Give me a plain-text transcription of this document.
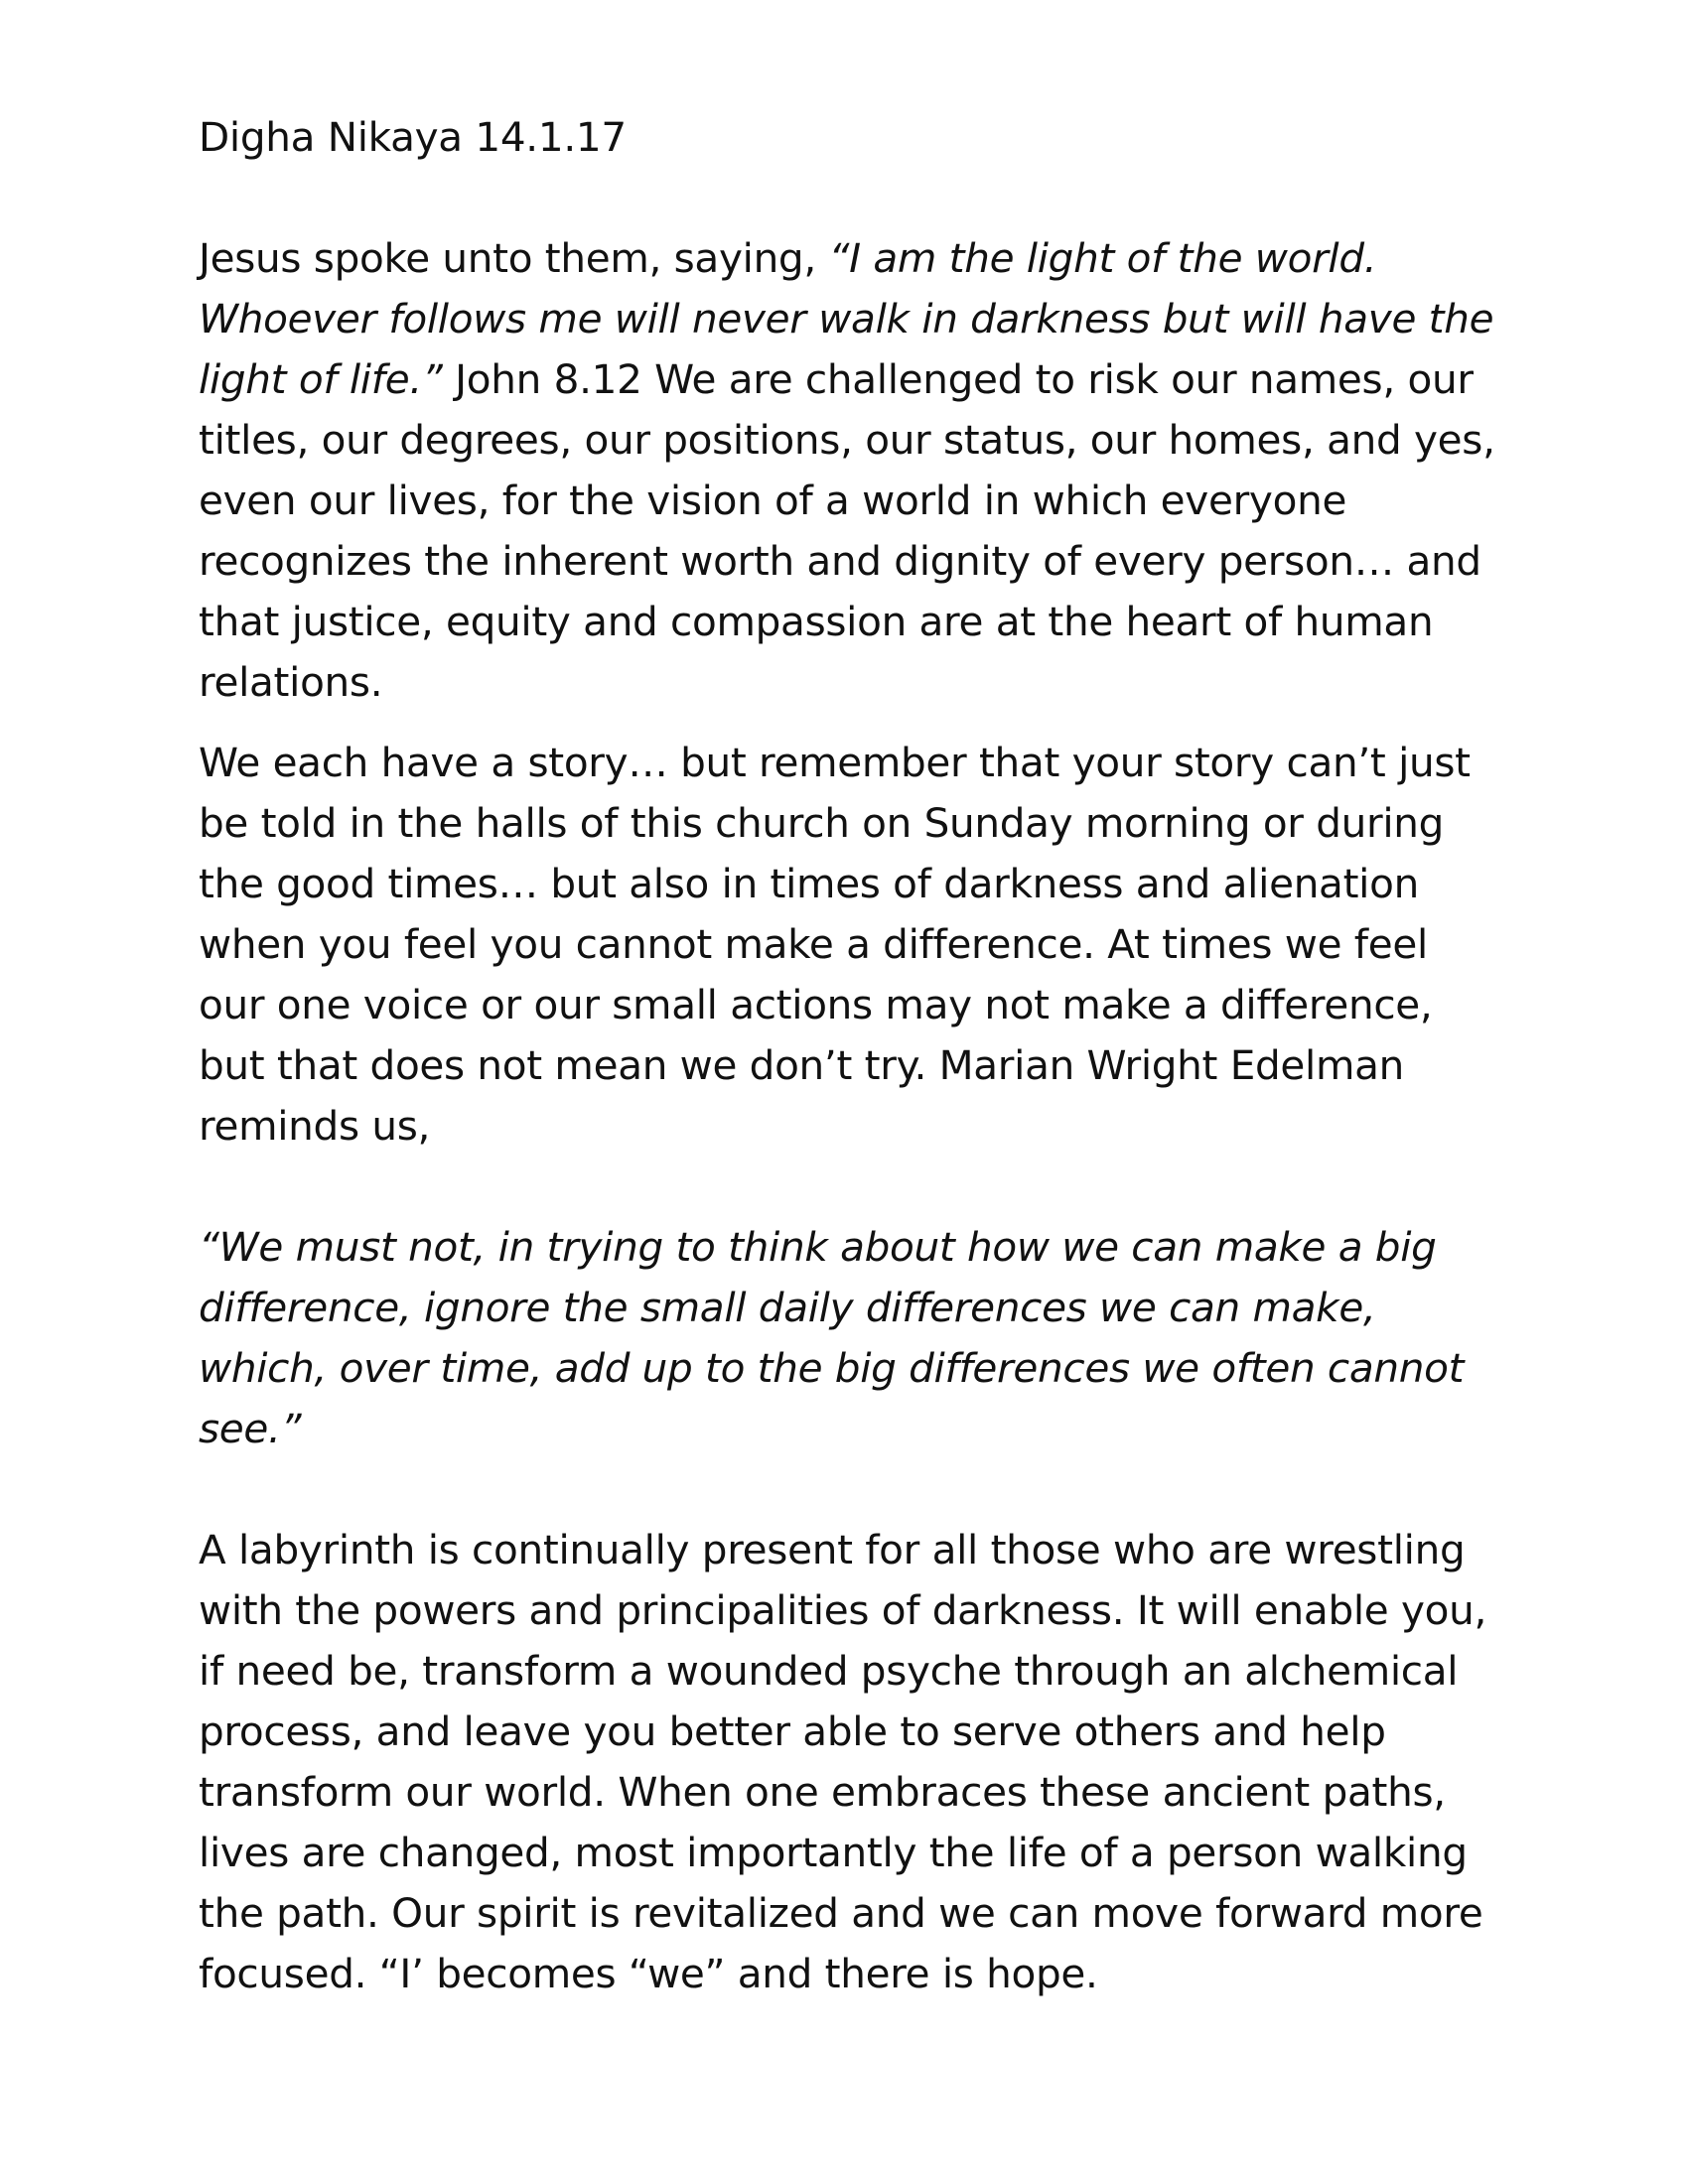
Digha Nikaya 14.1.17

Jesus spoke unto them, saying, “I am the light of the world. Whoever follows me will never walk in darkness but will have the light of life.” John 8.12 We are challenged to risk our names, our titles, our degrees, our positions, our status, our homes, and yes, even our lives, for the vision of a world in which everyone recognizes the inherent worth and dignity of every person… and that justice, equity and compassion are at the heart of human relations.

We each have a story… but remember that your story can’t just be told in the halls of this church on Sunday morning or during the good times… but also in times of darkness and alienation when you feel you cannot make a difference. At times we feel our one voice or our small actions may not make a difference, but that does not mean we don’t try. Marian Wright Edelman reminds us,

“We must not, in trying to think about how we can make a big difference, ignore the small daily differences we can make, which, over time, add up to the big differences we often cannot see.”

A labyrinth is continually present for all those who are wrestling with the powers and principalities of darkness. It will enable you, if need be, transform a wounded psyche through an alchemical process, and leave you better able to serve others and help transform our world. When one embraces these ancient paths, lives are changed, most importantly the life of a person walking the path. Our spirit is revitalized and we can move forward more focused. “I’ becomes “we” and there is hope.
